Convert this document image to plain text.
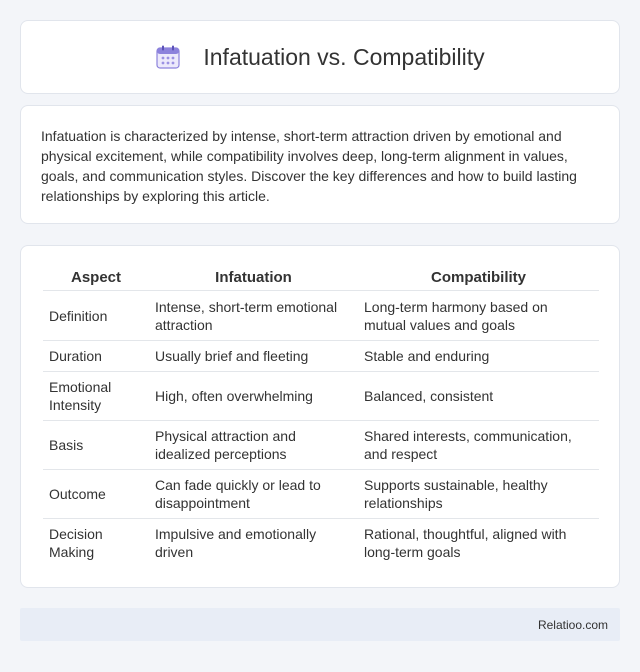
Infatuation vs. Compatibility

Infatuation is characterized by intense, short-term attraction driven by emotional and physical excitement, while compatibility involves deep, long-term alignment in values, goals, and communication styles. Discover the key differences and how to build lasting relationships by exploring this article.

Aspect	Infatuation	Compatibility
Definition	Intense, short-term emotional attraction	Long-term harmony based on mutual values and goals
Duration	Usually brief and fleeting	Stable and enduring
Emotional Intensity	High, often overwhelming	Balanced, consistent
Basis	Physical attraction and idealized perceptions	Shared interests, communication, and respect
Outcome	Can fade quickly or lead to disappointment	Supports sustainable, healthy relationships
Decision Making	Impulsive and emotionally driven	Rational, thoughtful, aligned with long-term goals
Relatioo.com
